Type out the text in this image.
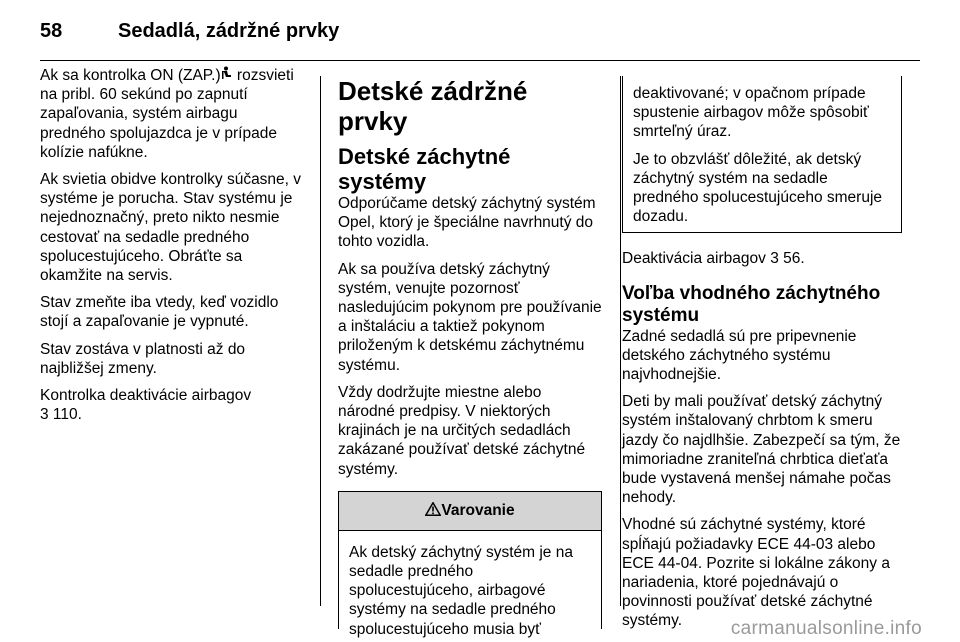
58	Sedadlá, zádržné prvky

Ak sa kontrolka ON (ZAP.) rozsvieti na pribl. 60 sekúnd po zapnutí zapaľovania, systém airbagu predného spolujazdca je v prípade kolízie nafúkne.

Ak svietia obidve kontrolky súčasne, v systéme je porucha. Stav systému je nejednoznačný, preto nikto nesmie cestovať na sedadle predného spolucestujúceho. Obráťte sa okamžite na servis.

Stav zmeňte iba vtedy, keď vozidlo stojí a zapaľovanie je vypnuté.

Stav zostáva v platnosti až do najbližšej zmeny.

Kontrolka deaktivácie airbagov
3 110.

Detské zádržné prvky
Detské záchytné systémy

Odporúčame detský záchytný systém Opel, ktorý je špeciálne navrhnutý do tohto vozidla.

Ak sa používa detský záchytný systém, venujte pozornosť nasledujúcim pokynom pre používanie a inštaláciu a taktiež pokynom priloženým k detskému záchytnému systému.

Vždy dodržujte miestne alebo národné predpisy. V niektorých krajinách je na určitých sedadlách zakázané používať detské záchytné systémy.

Varovanie
Ak detský záchytný systém je na sedadle predného spolucestujúceho, airbagové systémy na sedadle predného spolucestujúceho musia byť

deaktivované; v opačnom prípade spustenie airbagov môže spôsobiť smrteľný úraz.

Je to obzvlášť dôležité, ak detský záchytný systém na sedadle predného spolucestujúceho smeruje dozadu.

Deaktivácia airbagov 3 56.

Voľba vhodného záchytného systému

Zadné sedadlá sú pre pripevnenie detského záchytného systému najvhodnejšie.

Deti by mali používať detský záchytný systém inštalovaný chrbtom k smeru jazdy čo najdlhšie. Zabezpečí sa tým, že mimoriadne zraniteľná chrbtica dieťaťa bude vystavená menšej námahe počas nehody.

Vhodné sú záchytné systémy, ktoré spĺňajú požiadavky ECE 44-03 alebo ECE 44-04. Pozrite si lokálne zákony a nariadenia, ktoré pojednávajú o povinnosti používať detské záchytné systémy.	carmanualsonline.info
